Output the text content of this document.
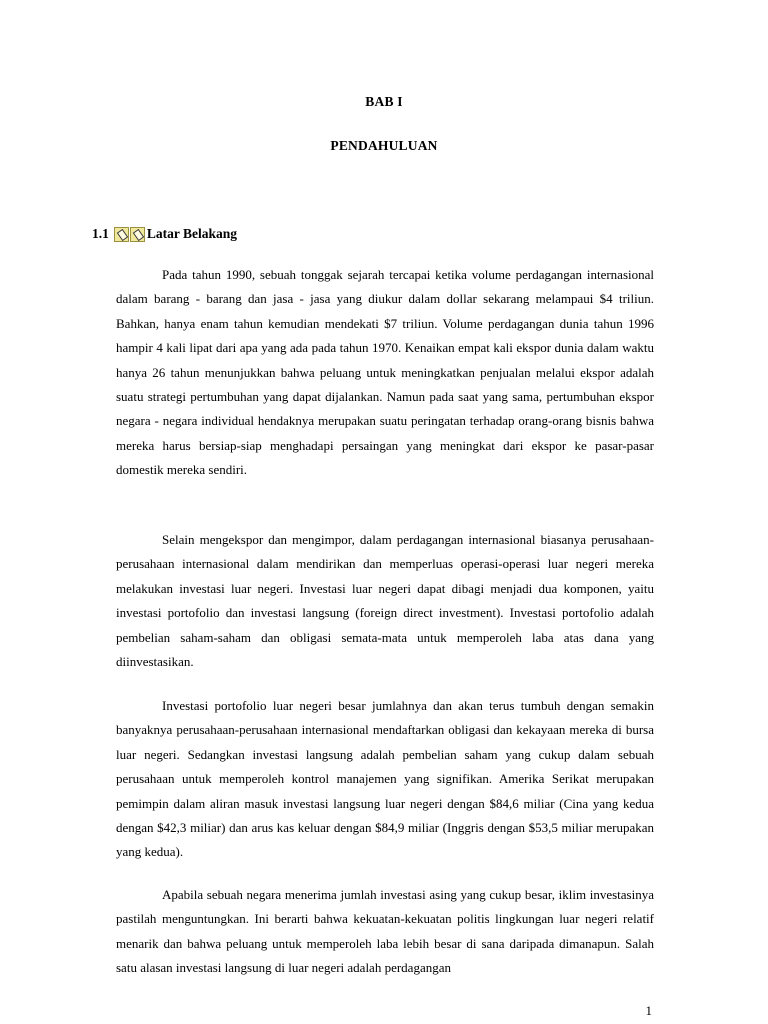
BAB I
PENDAHULUAN
1.1	Latar Belakang

Pada tahun 1990, sebuah tonggak sejarah tercapai ketika volume perdagangan internasional dalam barang - barang dan jasa - jasa yang diukur dalam dollar sekarang melampaui $4 triliun. Bahkan, hanya enam tahun kemudian mendekati $7 triliun. Volume perdagangan dunia tahun 1996 hampir 4 kali lipat dari apa yang ada pada tahun 1970. Kenaikan empat kali ekspor dunia dalam waktu hanya 26 tahun menunjukkan bahwa peluang untuk meningkatkan penjualan melalui ekspor adalah suatu strategi pertumbuhan yang dapat dijalankan. Namun pada saat yang sama, pertumbuhan ekspor negara - negara individual hendaknya merupakan suatu peringatan terhadap orang-orang bisnis bahwa mereka harus bersiap-siap menghadapi persaingan yang meningkat dari ekspor ke pasar-pasar domestik mereka sendiri.

Selain mengekspor dan mengimpor, dalam perdagangan internasional biasanya perusahaan-perusahaan internasional dalam mendirikan dan memperluas operasi-operasi luar negeri mereka melakukan investasi luar negeri. Investasi luar negeri dapat dibagi menjadi dua komponen, yaitu investasi portofolio dan investasi langsung (foreign direct investment). Investasi portofolio adalah pembelian saham-saham dan obligasi semata-mata untuk memperoleh laba atas dana yang diinvestasikan.

Investasi portofolio luar negeri besar jumlahnya dan akan terus tumbuh dengan semakin banyaknya perusahaan-perusahaan internasional mendaftarkan obligasi dan kekayaan mereka di bursa luar negeri. Sedangkan investasi langsung adalah pembelian saham yang cukup dalam sebuah perusahaan untuk memperoleh kontrol manajemen yang signifikan. Amerika Serikat merupakan pemimpin dalam aliran masuk investasi langsung luar negeri dengan $84,6 miliar (Cina yang kedua dengan $42,3 miliar) dan arus kas keluar dengan $84,9 miliar (Inggris dengan $53,5 miliar merupakan yang kedua).

Apabila sebuah negara menerima jumlah investasi asing yang cukup besar, iklim investasinya pastilah menguntungkan. Ini berarti bahwa kekuatan-kekuatan politis lingkungan luar negeri relatif menarik dan bahwa peluang untuk memperoleh laba lebih besar di sana daripada dimanapun. Salah satu alasan investasi langsung di luar negeri adalah perdagangan

1
